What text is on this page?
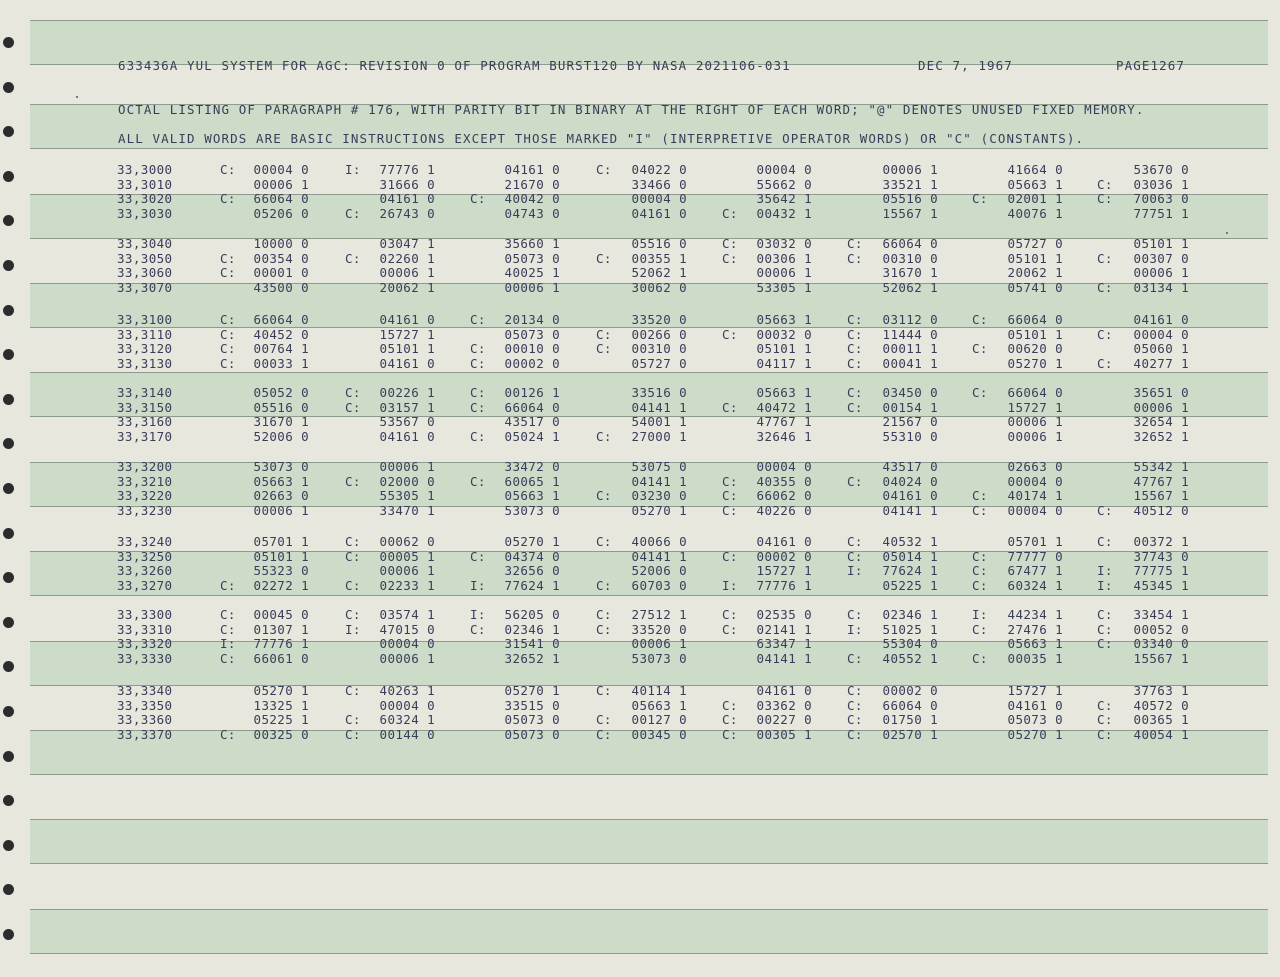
633436A YUL SYSTEM FOR AGC: REVISION 0 OF PROGRAM BURST120 BY NASA 2021106-031	DEC 7, 1967	PAGE1267
OCTAL LISTING OF PARAGRAPH # 176, WITH PARITY BIT IN BINARY AT THE RIGHT OF EACH WORD; "@" DENOTES UNUSED FIXED MEMORY.
ALL VALID WORDS ARE BASIC INSTRUCTIONS EXCEPT THOSE MARKED "I" (INTERPRETIVE OPERATOR WORDS) OR "C" (CONSTANTS).
33,3000	C: 00004 0	I: 77776 1	04161 0	C: 04022 0	00004 0	00006 1	41664 0	53670 0
33,3010	00006 1	31666 0	21670 0	33466 0	55662 0	33521 1	05663 1	C: 03036 1
33,3020	C: 66064 0	04161 0	C: 40042 0	00004 0	35642 1	05516 0	C: 02001 1	C: 70063 0
33,3030	05206 0	C: 26743 0	04743 0	04161 0	C: 00432 1	15567 1	40076 1	77751 1
33,3040	10000 0	03047 1	35660 1	05516 0	C: 03032 0	C: 66064 0	05727 0	05101 1
33,3050	C: 00354 0	C: 02260 1	05073 0	C: 00355 1	C: 00306 1	C: 00310 0	05101 1	C: 00307 0
33,3060	C: 00001 0	00006 1	40025 1	52062 1	00006 1	31670 1	20062 1	00006 1
33,3070	43500 0	20062 1	00006 1	30062 0	53305 1	52062 1	05741 0	C: 03134 1
33,3100	C: 66064 0	04161 0	C: 20134 0	33520 0	05663 1	C: 03112 0	C: 66064 0	04161 0
33,3110	C: 40452 0	15727 1	05073 0	C: 00266 0	C: 00032 0	C: 11444 0	05101 1	C: 00004 0
33,3120	C: 00764 1	05101 1	C: 00010 0	C: 00310 0	05101 1	C: 00011 1	C: 00620 0	05060 1
33,3130	C: 00033 1	04161 0	C: 00002 0	05727 0	04117 1	C: 00041 1	05270 1	C: 40277 1
33,3140	05052 0	C: 00226 1	C: 00126 1	33516 0	05663 1	C: 03450 0	C: 66064 0	35651 0
33,3150	05516 0	C: 03157 1	C: 66064 0	04141 1	C: 40472 1	C: 00154 1	15727 1	00006 1
33,3160	31670 1	53567 0	43517 0	54001 1	47767 1	21567 0	00006 1	32654 1
33,3170	52006 0	04161 0	C: 05024 1	C: 27000 1	32646 1	55310 0	00006 1	32652 1
33,3200	53073 0	00006 1	33472 0	53075 0	00004 0	43517 0	02663 0	55342 1
33,3210	05663 1	C: 02000 0	C: 60065 1	04141 1	C: 40355 0	C: 04024 0	00004 0	47767 1
33,3220	02663 0	55305 1	05663 1	C: 03230 0	C: 66062 0	04161 0	C: 40174 1	15567 1
33,3230	00006 1	33470 1	53073 0	05270 1	C: 40226 0	04141 1	C: 00004 0	C: 40512 0
33,3240	05701 1	C: 00062 0	05270 1	C: 40066 0	04161 0	C: 40532 1	05701 1	C: 00372 1
33,3250	05101 1	C: 00005 1	C: 04374 0	04141 1	C: 00002 0	C: 05014 1	C: 77777 0	37743 0
33,3260	55323 0	00006 1	32656 0	52006 0	15727 1	I: 77624 1	C: 67477 1	I: 77775 1
33,3270	C: 02272 1	C: 02233 1	I: 77624 1	C: 60703 0	I: 77776 1	05225 1	C: 60324 1	I: 45345 1
33,3300	C: 00045 0	C: 03574 1	I: 56205 0	C: 27512 1	C: 02535 0	C: 02346 1	I: 44234 1	C: 33454 1
33,3310	C: 01307 1	I: 47015 0	C: 02346 1	C: 33520 0	C: 02141 1	I: 51025 1	C: 27476 1	C: 00052 0
33,3320	I: 77776 1	00004 0	31541 0	00006 1	63347 1	55304 0	05663 1	C: 03340 0
33,3330	C: 66061 0	00006 1	32652 1	53073 0	04141 1	C: 40552 1	C: 00035 1	15567 1
33,3340	05270 1	C: 40263 1	05270 1	C: 40114 1	04161 0	C: 00002 0	15727 1	37763 1
33,3350	13325 1	00004 0	33515 0	05663 1	C: 03362 0	C: 66064 0	04161 0	C: 40572 0
33,3360	05225 1	C: 60324 1	05073 0	C: 00127 0	C: 00227 0	C: 01750 1	05073 0	C: 00365 1
33,3370	C: 00325 0	C: 00144 0	05073 0	C: 00345 0	C: 00305 1	C: 02570 1	05270 1	C: 40054 1
